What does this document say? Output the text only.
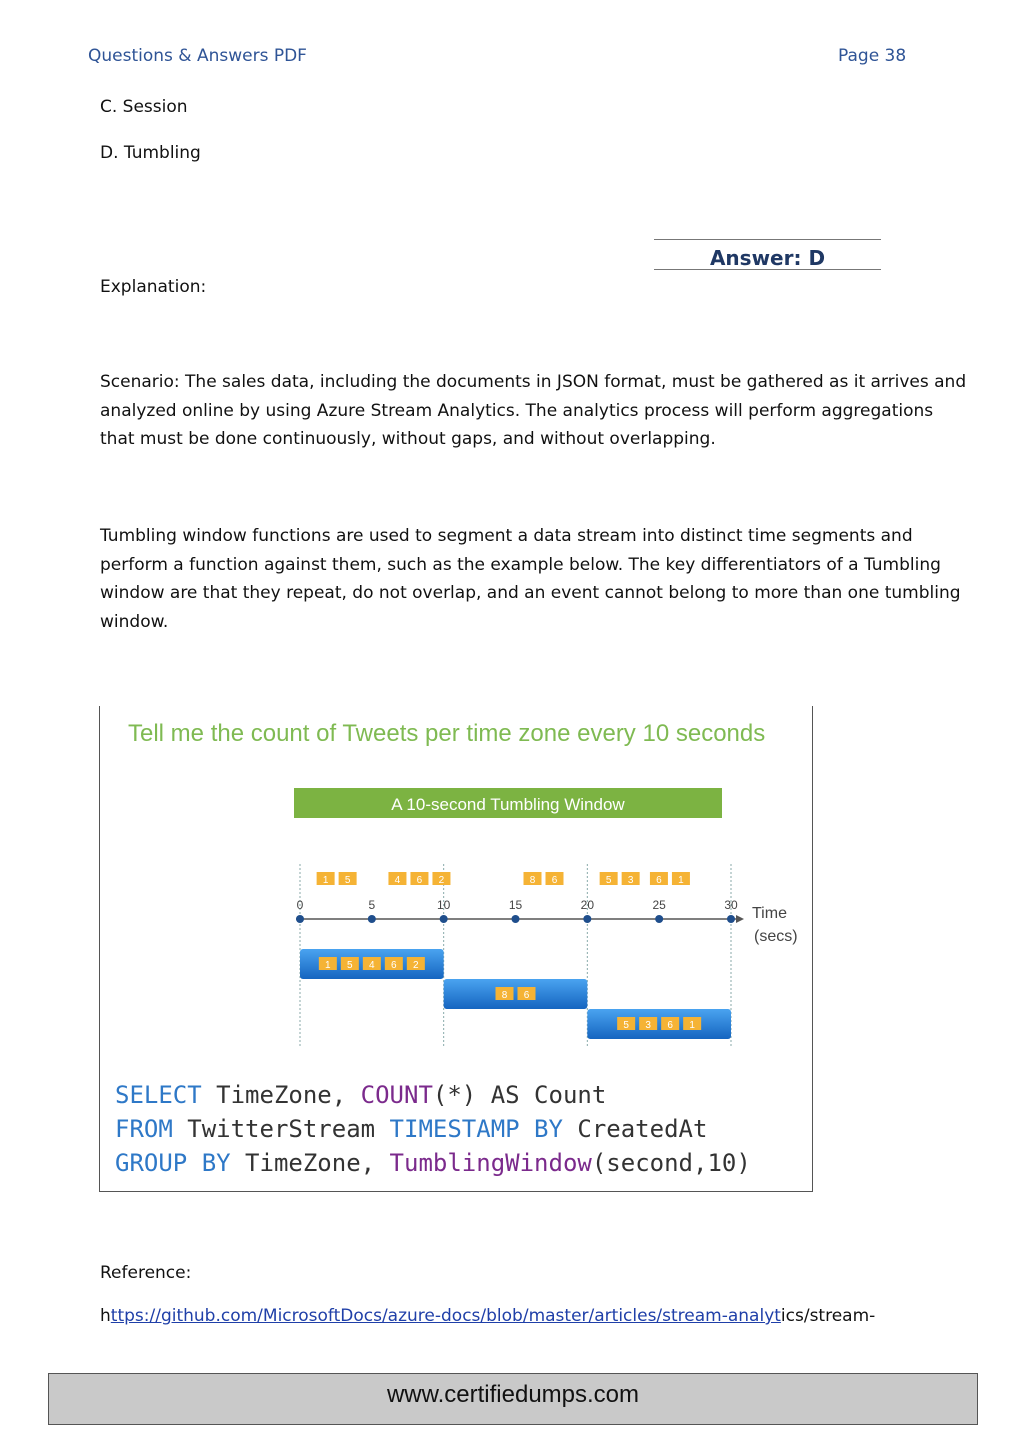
Questions & Answers PDF	Page 38
C. Session
D. Tumbling
Answer: D
Explanation:
Scenario: The sales data, including the documents in JSON format, must be gathered as it arrives and analyzed online by using Azure Stream Analytics. The analytics process will perform aggregations that must be done continuously, without gaps, and without overlapping.
Tumbling window functions are used to segment a data stream into distinct time segments and perform a function against them, such as the example below. The key differentiators of a Tumbling window are that they repeat, do not overlap, and an event cannot belong to more than one tumbling window.
Tell me the count of Tweets per time zone every 10 seconds
A 10-second Tumbling Window
0	5	10	15	20	25	30
1 5	4 6 2	8 6	5 3 6 1
1 5 4 6 2
8 6
5 3 6 1
Time
(secs)
SELECT TimeZone, COUNT(*) AS Count
FROM TwitterStream TIMESTAMP BY CreatedAt
GROUP BY TimeZone, TumblingWindow(second,10)
Reference:
https://github.com/MicrosoftDocs/azure-docs/blob/master/articles/stream-analytics/stream-
www.certifiedumps.com
